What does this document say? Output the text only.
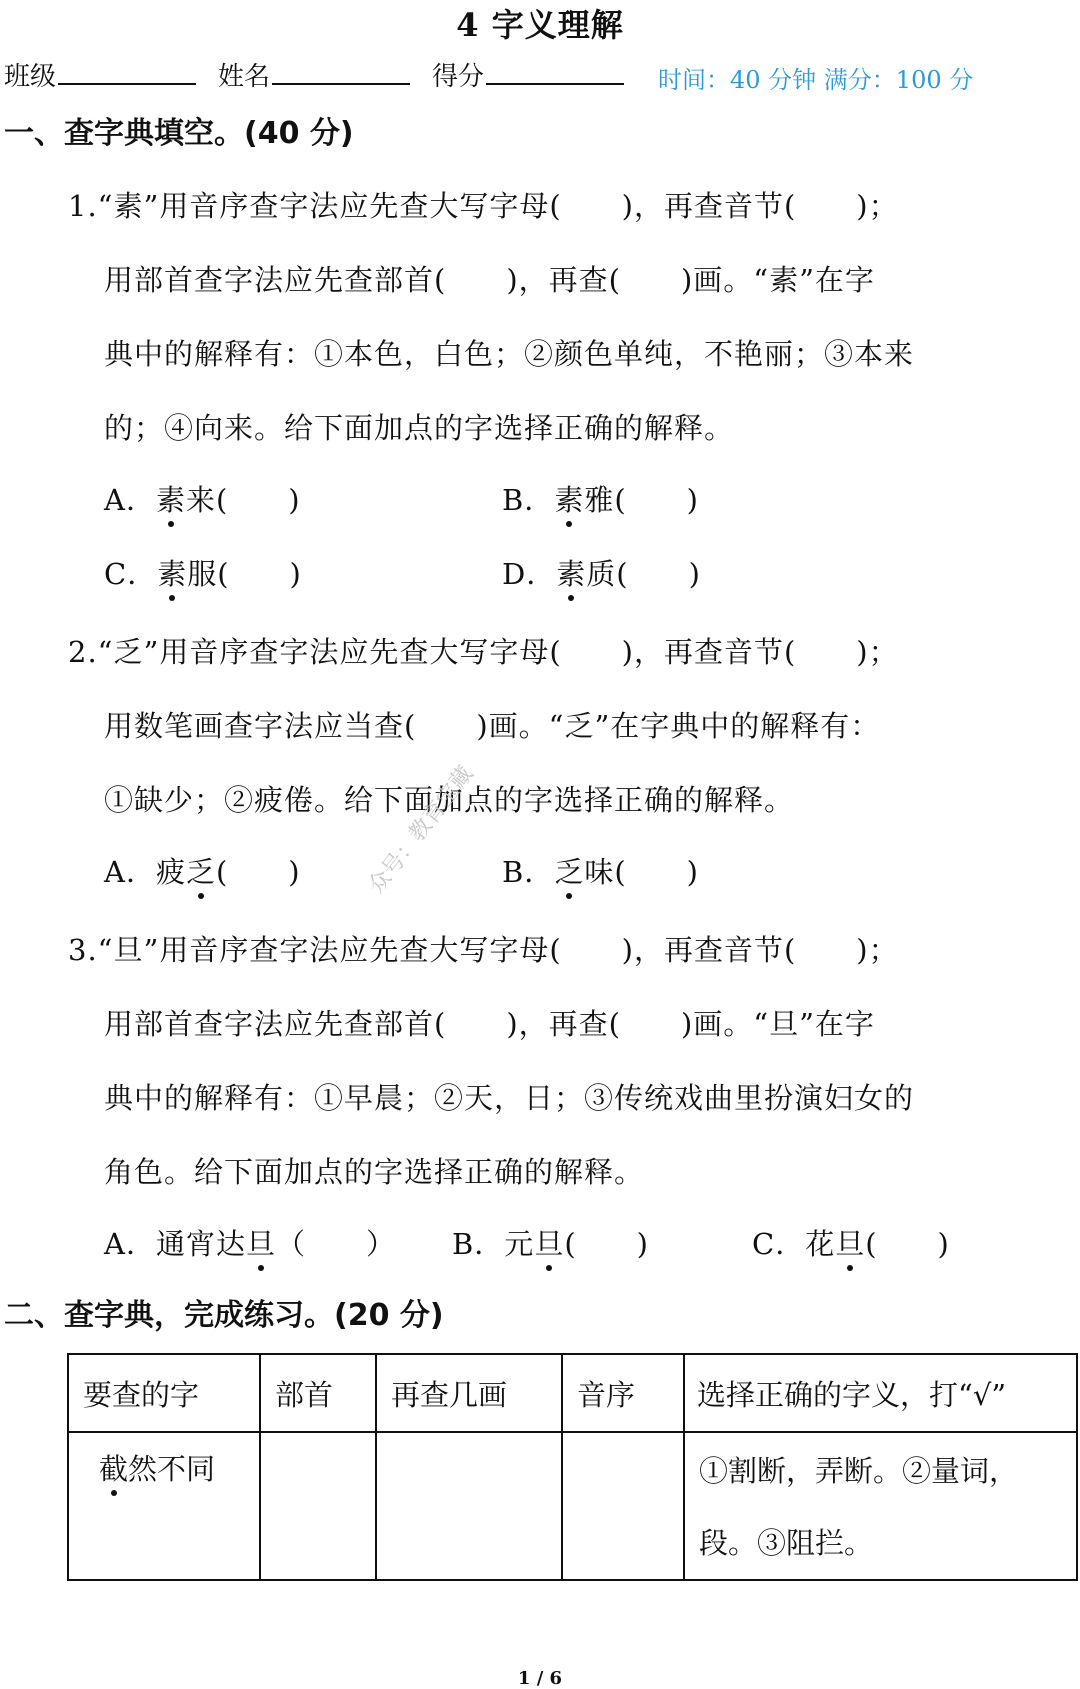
4 字义理解
班级	姓名	得分	时间：40 分钟 满分：100 分
一、查字典填空。(40 分)
1.“素”用音序查字法应先查大写字母(　　)，再查音节(　　)；
用部首查字法应先查部首(　　)，再查(　　)画。“素”在字
典中的解释有：①本色，白色；②颜色单纯，不艳丽；③本来
的；④向来。给下面加点的字选择正确的解释。
A．素来(　　)	B．素雅(　　)
C．素服(　　)	D．素质(　　)
2.“乏”用音序查字法应先查大写字母(　　)，再查音节(　　)；
用数笔画查字法应当查(　　)画。“乏”在字典中的解释有：
①缺少；②疲倦。给下面加点的字选择正确的解释。
A．疲乏(　　)	B．乏味(　　)
众号：教育宝藏
3.“旦”用音序查字法应先查大写字母(　　)，再查音节(　　)；
用部首查字法应先查部首(　　)，再查(　　)画。“旦”在字
典中的解释有：①早晨；②天，日；③传统戏曲里扮演妇女的
角色。给下面加点的字选择正确的解释。
A．通宵达旦（　　） B．元旦(　　)	C．花旦(　　)
二、查字典，完成练习。(20 分)
要查的字	部首	再查几画	音序	选择正确的字义，打“√”
截然不同				①割断，弄断。②量词，
段。③阻拦。
1 / 6
